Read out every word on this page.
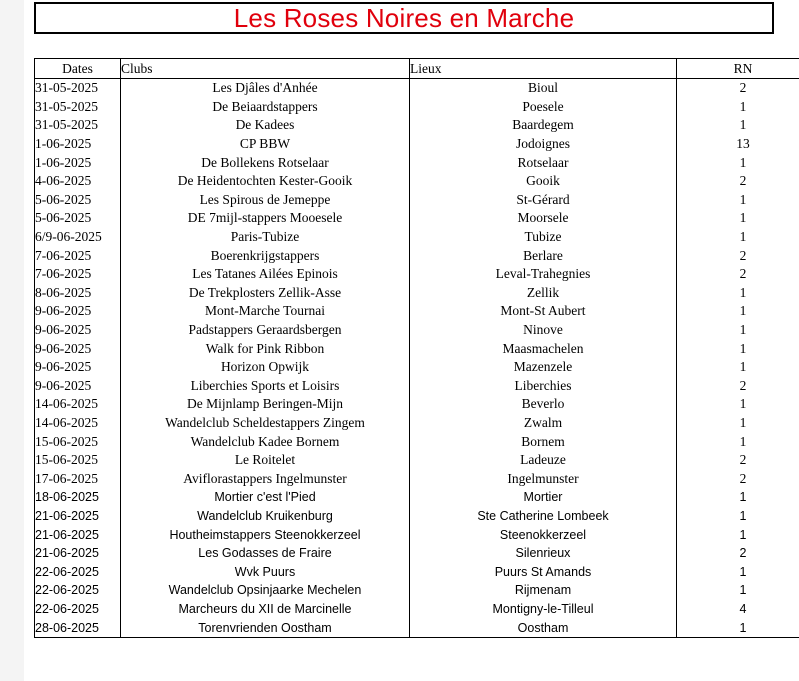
Les Roses Noires en Marche
Dates	Clubs	Lieux	RN
31-05-2025	Les Djâles d'Anhée	Bioul	2
31-05-2025	De Beiaardstappers	Poesele	1
31-05-2025	De Kadees	Baardegem	1
1-06-2025	CP BBW	Jodoignes	13
1-06-2025	De Bollekens Rotselaar	Rotselaar	1
4-06-2025	De Heidentochten Kester-Gooik	Gooik	2
5-06-2025	Les Spirous de Jemeppe	St-Gérard	1
5-06-2025	DE 7mijl-stappers Mooesele	Moorsele	1
6/9-06-2025	Paris-Tubize	Tubize	1
7-06-2025	Boerenkrijgstappers	Berlare	2
7-06-2025	Les Tatanes Ailées Epinois	Leval-Trahegnies	2
8-06-2025	De Trekplosters Zellik-Asse	Zellik	1
9-06-2025	Mont-Marche Tournai	Mont-St Aubert	1
9-06-2025	Padstappers Geraardsbergen	Ninove	1
9-06-2025	Walk for Pink Ribbon	Maasmachelen	1
9-06-2025	Horizon Opwijk	Mazenzele	1
9-06-2025	Liberchies Sports et Loisirs	Liberchies	2
14-06-2025	De Mijnlamp Beringen-Mijn	Beverlo	1
14-06-2025	Wandelclub Scheldestappers Zingem	Zwalm	1
15-06-2025	Wandelclub Kadee Bornem	Bornem	1
15-06-2025	Le Roitelet	Ladeuze	2
17-06-2025	Aviflorastappers Ingelmunster	Ingelmunster	2
18-06-2025	Mortier c'est l'Pied	Mortier	1
21-06-2025	Wandelclub Kruikenburg	Ste Catherine Lombeek	1
21-06-2025	Houtheimstappers Steenokkerzeel	Steenokkerzeel	1
21-06-2025	Les Godasses de Fraire	Silenrieux	2
22-06-2025	Wvk Puurs	Puurs St Amands	1
22-06-2025	Wandelclub Opsinjaarke Mechelen	Rijmenam	1
22-06-2025	Marcheurs du XII de Marcinelle	Montigny-le-Tilleul	4
28-06-2025	Torenvrienden Oostham	Oostham	1
